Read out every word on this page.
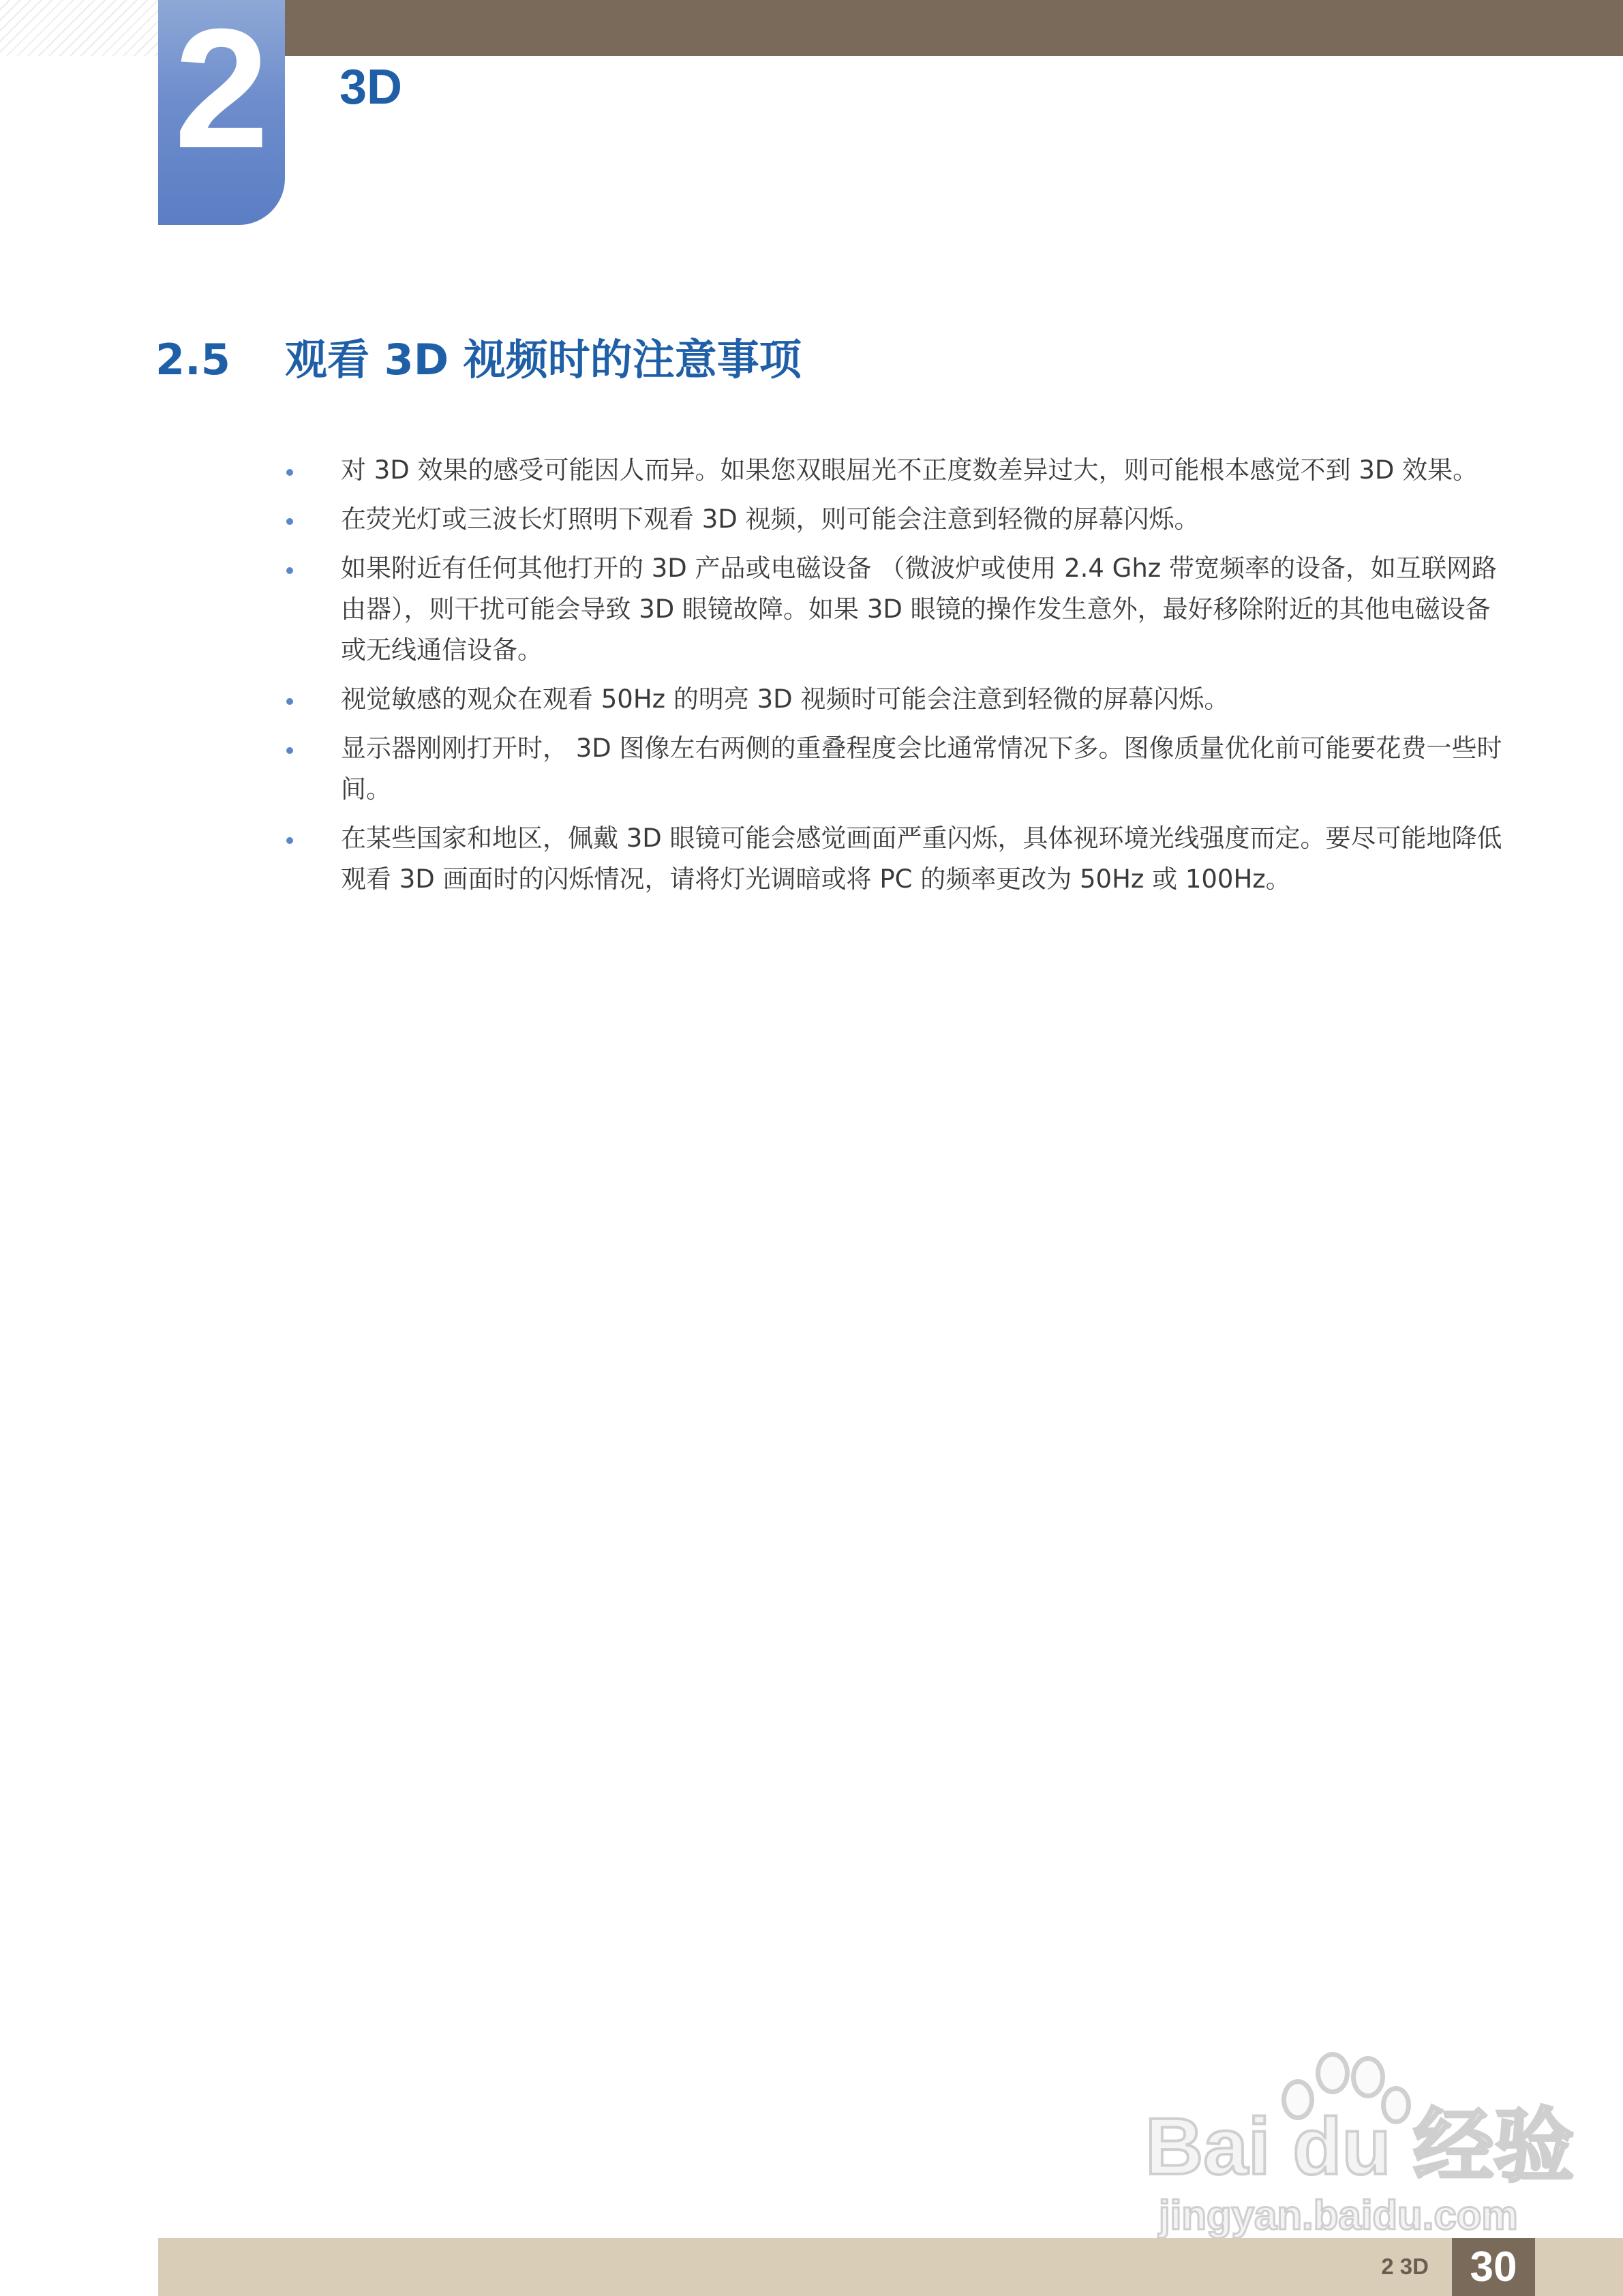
2 3D
2.5 观看 3D 视频时的注意事项
对 3D 效果的感受可能因人而异。如果您双眼屈光不正度数差异过大，则可能根本感觉不到 3D 效果。
在荧光灯或三波长灯照明下观看 3D 视频，则可能会注意到轻微的屏幕闪烁。
如果附近有任何其他打开的 3D 产品或电磁设备 （微波炉或使用 2.4 Ghz 带宽频率的设备，如互联网路由器），则干扰可能会导致 3D 眼镜故障。如果 3D 眼镜的操作发生意外，最好移除附近的其他电磁设备或无线通信设备。
视觉敏感的观众在观看 50Hz 的明亮 3D 视频时可能会注意到轻微的屏幕闪烁。
显示器刚刚打开时， 3D 图像左右两侧的重叠程度会比通常情况下多。图像质量优化前可能要花费一些时间。
在某些国家和地区，佩戴 3D 眼镜可能会感觉画面严重闪烁，具体视环境光线强度而定。要尽可能地降低观看 3D 画面时的闪烁情况，请将灯光调暗或将 PC 的频率更改为 50Hz 或 100Hz。
Bai du 经验
jingyan.baidu.com
2 3D 30
